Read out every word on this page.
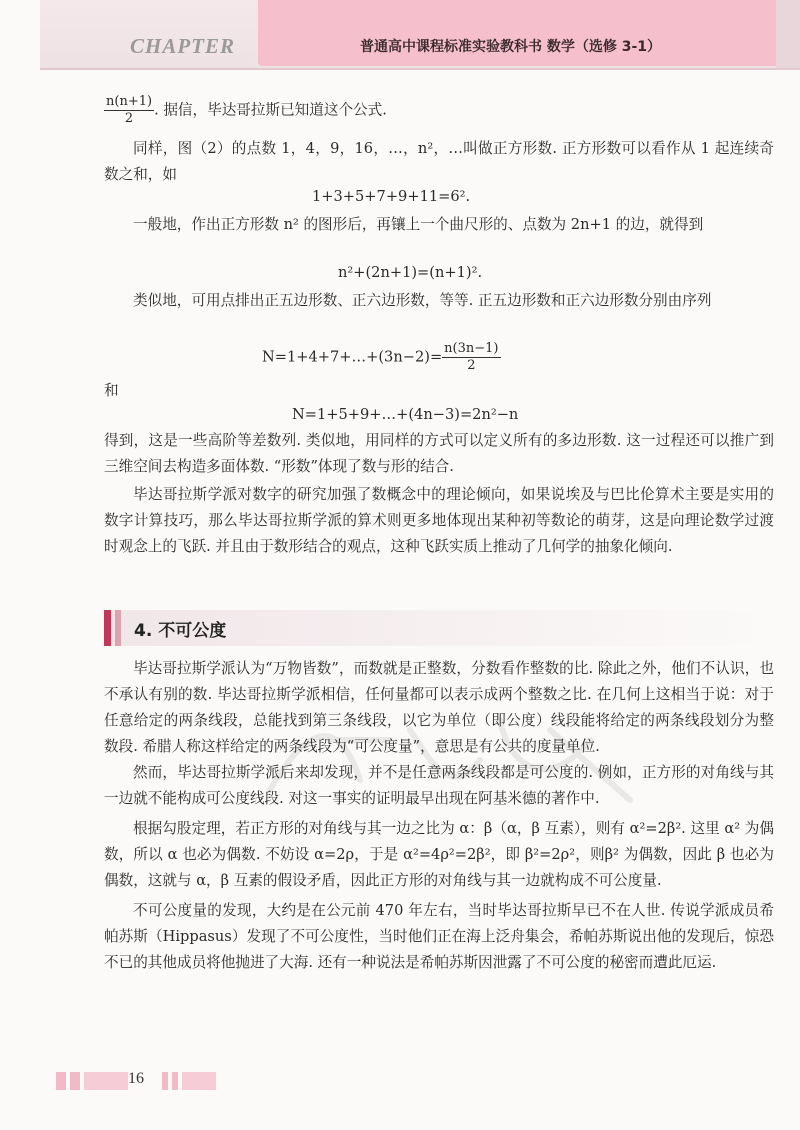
CHAPTER	普通高中课程标准实验教科书 数学（选修 3-1）
$\frac{n(n+1)}{2}$ . 据信，毕达哥拉斯已知道这个公式.

同样，图（2）的点数 1，4，9，16，…，n²，…叫做正方形数. 正方形数可以看作从 1 起连续奇数之和，如

1+3+5+7+9+11=6².

一般地，作出正方形数 n² 的图形后，再镶上一个曲尺形的、点数为 2n+1 的边，就得到

n²+(2n+1)=(n+1)².

类似地，可用点排出正五边形数、正六边形数，等等. 正五边形数和正六边形数分别由序列

N=1+4+7+…+(3n−2)= $\frac{n(3n-1)}{2}$

和

N=1+5+9+…+(4n−3)=2n²−n

得到，这是一些高阶等差数列. 类似地，用同样的方式可以定义所有的多边形数. 这一过程还可以推广到三维空间去构造多面体数. “形数”体现了数与形的结合.

毕达哥拉斯学派对数字的研究加强了数概念中的理论倾向，如果说埃及与巴比伦算术主要是实用的数字计算技巧，那么毕达哥拉斯学派的算术则更多地体现出某种初等数论的萌芽，这是向理论数学过渡时观念上的飞跃. 并且由于数形结合的观点，这种飞跃实质上推动了几何学的抽象化倾向.

4. 不可公度

毕达哥拉斯学派认为“万物皆数”，而数就是正整数，分数看作整数的比. 除此之外，他们不认识，也不承认有别的数. 毕达哥拉斯学派相信，任何量都可以表示成两个整数之比. 在几何上这相当于说：对于任意给定的两条线段，总能找到第三条线段，以它为单位（即公度）线段能将给定的两条线段划分为整数段. 希腊人称这样给定的两条线段为“可公度量”，意思是有公共的度量单位.

然而，毕达哥拉斯学派后来却发现，并不是任意两条线段都是可公度的. 例如，正方形的对角线与其一边就不能构成可公度线段. 对这一事实的证明最早出现在阿基米德的著作中.

根据勾股定理，若正方形的对角线与其一边之比为 α：β（α，β 互素），则有 α²=2β². 这里 α² 为偶数，所以 α 也必为偶数. 不妨设 α=2ρ，于是 α²=4ρ²=2β²，即 β²=2ρ²，则β² 为偶数，因此 β 也必为偶数，这就与 α，β 互素的假设矛盾，因此正方形的对角线与其一边就构成不可公度量.

不可公度量的发现，大约是在公元前 470 年左右，当时毕达哥拉斯早已不在人世. 传说学派成员希帕苏斯（Hippasus）发现了不可公度性，当时他们正在海上泛舟集会，希帕苏斯说出他的发现后，惊恐不已的其他成员将他抛进了大海. 还有一种说法是希帕苏斯因泄露了不可公度的秘密而遭此厄运.

16
